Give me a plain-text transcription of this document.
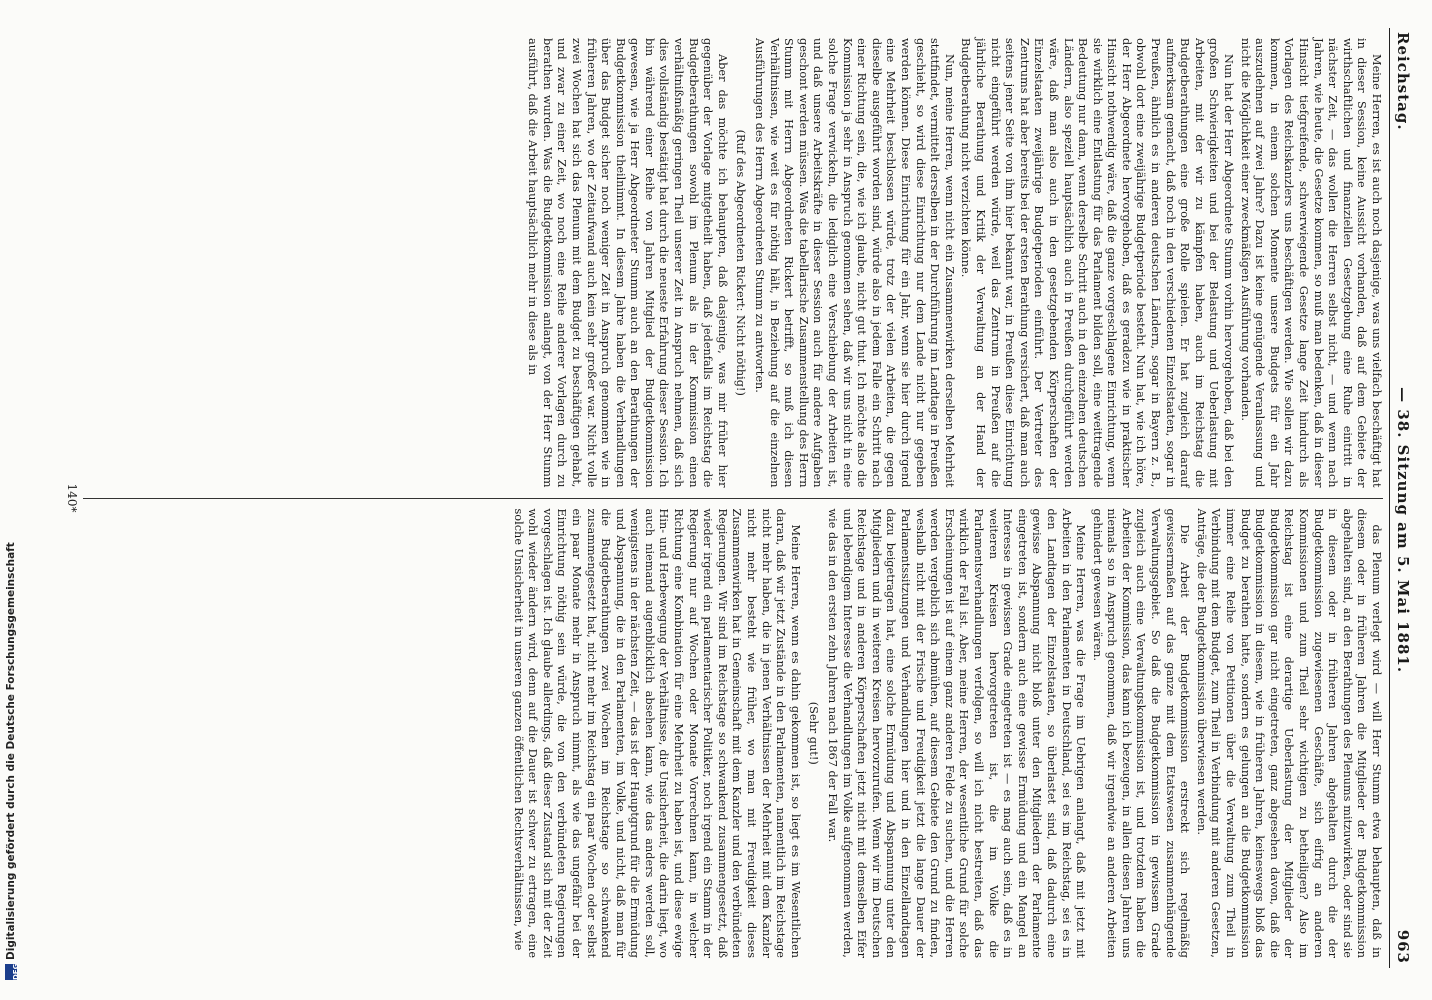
Reichstag.
— 38. Sitzung am 5. Mai 1881.
963

Meine Herren, es ist auch noch dasjenige, was uns vielfach beschäftigt hat in dieser Session, keine Aussicht vorhanden, daß auf dem Gebiete der wirthschaftlichen und finanziellen Gesetzgebung eine Ruhe eintritt in nächster Zeit, — das wollen die Herren selbst nicht, — und wenn nach Jahren, wie heute, die Gesetze kommen, so muß man bedenken, daß in dieser Hinsicht tiefgreifende, schwerwiegende Gesetze lange Zeit hindurch als Vorlagen des Reichskanzlers uns beschäftigen werden. Wie sollen wir dazu kommen, in einem solchen Momente unsere Budgets für ein Jahr auszudehnen auf zwei Jahre? Dazu ist keine genügende Veranlassung und nicht die Möglichkeit einer zweckmäßigen Ausführung vorhanden.

Nun hat der Herr Abgeordnete Stumm vorhin hervorgehoben, daß bei den großen Schwierigkeiten und bei der Belastung und Ueberlastung mit Arbeiten, mit der wir zu kämpfen haben, auch im Reichstag die Budgetberathungen eine große Rolle spielen. Er hat zugleich darauf aufmerksam gemacht, daß noch in den verschiedenen Einzelstaaten, sogar in Preußen, ähnlich es in anderen deutschen Ländern, sogar in Bayern z. B., obwohl dort eine zweijährige Budgetperiode besteht. Nun hat, wie ich höre, der Herr Abgeordnete hervorgehoben, daß es geradezu wie in praktischer Hinsicht nothwendig wäre, daß die ganze vorgeschlagene Einrichtung, wenn sie wirklich eine Entlastung für das Parlament bilden soll, eine weittragende Bedeutung nur dann, wenn derselbe Schritt auch in den einzelnen deutschen Ländern, also speziell hauptsächlich auch in Preußen durchgeführt werden wäre, daß man also auch in den gesetzgebenden Körperschaften der Einzelstaaten zweijährige Budgetperioden einführt. Der Vertreter des Zentrums hat aber bereits bei der ersten Berathung versichert, daß man auch seitens jener Seite von ihm hier bekannt war, in Preußen diese Einrichtung nicht eingeführt werden würde, weil das Zentrum in Preußen auf die jährliche Berathung und Kritik der Verwaltung an der Hand der Budgetberathung nicht verzichten könne.

Nun, meine Herren, wenn nicht ein Zusammenwirken derselben Mehrheit stattfindet, vermittelt derselben in der Durchführung im Landtage in Preußen geschieht, so wird diese Einrichtung nur dem Lande nicht nur gegeben werden können. Diese Einrichtung für ein Jahr, wenn sie hier durch irgend eine Mehrheit beschlossen würde, trotz der vielen Arbeiten, die gegen dieselbe ausgeführt worden sind, würde also in jedem Falle ein Schritt nach einer Richtung sein, die, wie ich glaube, nicht gut thut. Ich möchte also die Kommission ja sehr in Anspruch genommen sehen, daß wir uns nicht in eine solche Frage verwickeln, die lediglich eine Verschiebung der Arbeiten ist, und daß unsere Arbeitskräfte in dieser Session auch für andere Aufgaben geschont werden müssen. Was die tabellarische Zusammenstellung des Herrn Stumm mit Herrn Abgeordneten Rickert betrifft, so muß ich diesen Verhältnissen, wie weit es für nöthig hält, in Beziehung auf die einzelnen Ausführungen des Herrn Abgeordneten Stumm zu antworten.

(Ruf des Abgeordneten Rickert: Nicht nöthig!)

Aber das möchte ich behaupten, daß dasjenige, was mir früher hier gegenüber der Vorlage mitgetheilt haben, daß jedenfalls im Reichstag die Budgetberathungen sowohl im Plenum als in der Kommission einen verhältnißmäßig geringen Theil unserer Zeit in Anspruch nehmen, daß sich dies vollständig bestätigt hat durch die neueste Erfahrung dieser Session. Ich bin während einer Reihe von Jahren Mitglied der Budgetkommission gewesen, wie ja Herr Abgeordneter Stumm auch an den Berathungen der Budgetkommission theilnimmt. In diesem Jahre haben die Verhandlungen über das Budget sicher noch weniger Zeit in Anspruch genommen wie in früheren Jahren, wo der Zeitaufwand auch kein sehr großer war. Nicht volle zwei Wochen hat sich das Plenum mit dem Budget zu beschäftigen gehabt, und zwar zu einer Zeit, wo noch eine Reihe anderer Vorlagen durch zu berathen wurden. Was die Budgetkommission anlangt, von der Herr Stumm ausführt, daß die Arbeit hauptsächlich mehr in diese als in

das Plenum verlegt wird — will Herr Stumm etwa behaupten, daß in diesem oder in früheren Jahren die Mitglieder der Budgetkommission abgehalten sind, an den Berathungen des Plenums mitzuwirken, oder sind sie in diesem oder in früheren Jahren abgehalten durch die der Budgetkommission zugewiesenen Geschäfte, sich eifrig an anderen Kommissionen und zum Theil sehr wichtigen zu betheiligen? Also im Reichstag ist eine derartige Ueberlastung der Mitglieder der Budgetkommission gar nicht eingetreten, ganz abgesehen davon, daß die Budgetkommission in diesem, wie in früheren Jahren, keineswegs bloß das Budget zu berathen hatte, sondern es gelungen an die Budgetkommission immer eine Reihe von Petitionen über die Verwaltung zum Theil in Verbindung mit dem Budget, zum Theil in Verbindung mit anderen Gesetzen, Anträge, die der Budgetkommission überwiesen werden.

Die Arbeit der Budgetkommission erstreckt sich regelmäßig gewissermaßen auf das ganze mit dem Etatswesen zusammenhängende Verwaltungsgebiet. So daß die Budgetkommission in gewissem Grade zugleich auch eine Verwaltungskommission ist, und trotzdem haben die Arbeiten der Kommission, das kann ich bezeugen, in allen diesen Jahren uns niemals so in Anspruch genommen, daß wir irgendwie an anderen Arbeiten gehindert gewesen wären.

Meine Herren, was die Frage im Uebrigen anlangt, daß mit jetzt mit Arbeiten in den Parlamenten in Deutschland, sei es im Reichstag, sei es in den Landtagen der Einzelstaaten, so überlastet sind, daß dadurch eine gewisse Abspannung nicht bloß unter den Mitgliedern der Parlamente eingetreten ist, sondern auch eine gewisse Ermüdung und ein Mangel an Interesse in gewissen Grade eingetreten ist — es mag auch sein, daß es in weiteren Kreisen hervorgetreten ist, die im Volke die Parlamentsverhandlungen verfolgen, so will ich nicht bestreiten, daß das wirklich der Fall ist. Aber, meine Herren, der wesentliche Grund für solche Erscheinungen ist auf einem ganz anderen Felde zu suchen, und die Herren werden vergeblich sich abmühen, auf diesem Gebiete den Grund zu finden, weshalb nicht mit der Frische und Freudigkeit jetzt die lange Dauer der Parlamentssitzungen und Verhandlungen hier und in den Einzellandtagen dazu beigetragen hat, eine solche Ermüdung und Abspannung unter den Mitgliedern und in weiteren Kreisen hervorzurufen. Wenn wir im Deutschen Reichstage und in anderen Körperschaften jetzt nicht mit demselben Eifer und lebendigem Interesse die Verhandlungen im Volke aufgenommen werden, wie das in den ersten zehn Jahren nach 1867 der Fall war.

(Sehr gut!)

Meine Herren, wenn es dahin gekommen ist, so liegt es im Wesentlichen daran, daß wir jetzt Zustände in den Parlamenten, namentlich im Reichstage nicht mehr haben, die in jenen Verhältnissen der Mehrheit mit dem Kanzler nicht mehr besteht wie früher, wo man mit Freudigkeit dieses Zusammenwirken hat in Gemeinschaft mit dem Kanzler und den verbündeten Regierungen. Wir sind im Reichstage so schwankend zusammengesetzt, daß wieder irgend ein parlamentarischer Politiker, noch irgend ein Stamm in der Regierung nur auf Wochen oder Monate Vorrechnen kann, in welcher Richtung eine Kombination für eine Mehrheit zu haben ist, und diese ewige Hin- und Herbewegung der Verhältnisse, die Unsicherheit, die darin liegt, wo auch niemand augenblicklich absehen kann, wie das anders werden soll, wenigstens in der nächsten Zeit, — das ist der Hauptgrund für die Ermüdung und Abspannung, die in den Parlamenten, im Volke, und nicht, daß man für die Budgetberathungen zwei Wochen im Reichstage so schwankend zusammengesetzt hat, nicht mehr im Reichstag ein paar Wochen oder selbst ein paar Monate mehr in Anspruch nimmt, als wie das ungefähr bei der Einrichtung nöthig sein würde, die von den verbündeten Regierungen vorgeschlagen ist. Ich glaube allerdings, daß dieser Zustand sich mit der Zeit wohl wieder ändern wird, denn auf die Dauer ist schwer zu ertragen, eine solche Unsicherheit in unseren ganzen öffentlichen Rechtsverhältnissen, wie

140*
DFG
Digitalisierung gefördert durch die Deutsche Forschungsgemeinschaft
